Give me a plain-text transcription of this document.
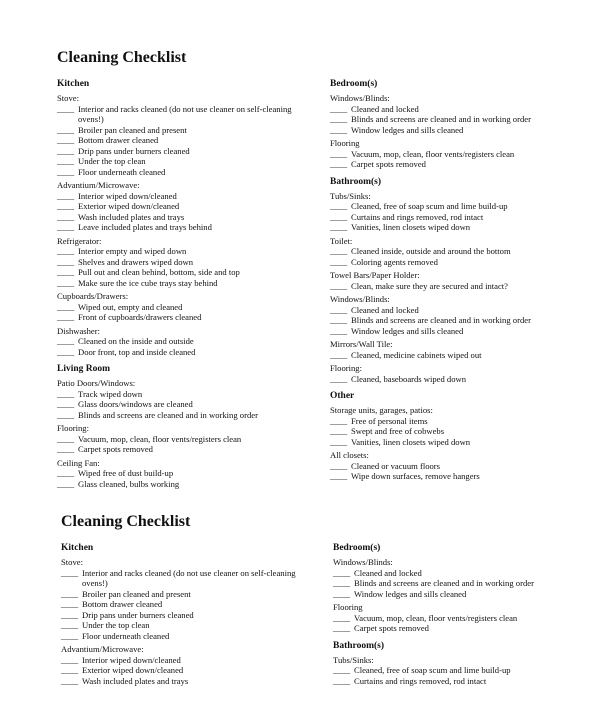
Cleaning Checklist
Kitchen
Stove:
____ Interior and racks cleaned (do not use cleaner on self-cleaning ovens!)
____ Broiler pan cleaned and present
____ Bottom drawer cleaned
____ Drip pans under burners cleaned
____ Under the top clean
____ Floor underneath cleaned
Advantium/Microwave:
____ Interior wiped down/cleaned
____ Exterior wiped down/cleaned
____ Wash included plates and trays
____ Leave included plates and trays behind
Refrigerator:
____ Interior empty and wiped down
____ Shelves and drawers wiped down
____ Pull out and clean behind, bottom, side and top
____ Make sure the ice cube trays stay behind
Cupboards/Drawers:
____ Wiped out, empty and cleaned
____ Front of cupboards/drawers cleaned
Dishwasher:
____ Cleaned on the inside and outside
____ Door front, top and inside cleaned
Living Room
Patio Doors/Windows:
____ Track wiped down
____ Glass doors/windows are cleaned
____ Blinds and screens are cleaned and in working order
Flooring:
____ Vacuum, mop, clean, floor vents/registers clean
____ Carpet spots removed
Ceiling Fan:
____ Wiped free of dust build-up
____ Glass cleaned, bulbs working
Bedroom(s)
Windows/Blinds:
____ Cleaned and locked
____ Blinds and screens are cleaned and in working order
____ Window ledges and sills cleaned
Flooring
____ Vacuum, mop, clean, floor vents/registers clean
____ Carpet spots removed
Bathroom(s)
Tubs/Sinks:
____ Cleaned, free of soap scum and lime build-up
____ Curtains and rings removed, rod intact
____ Vanities, linen closets wiped down
Toilet:
____ Cleaned inside, outside and around the bottom
____ Coloring agents removed
Towel Bars/Paper Holder:
____ Clean, make sure they are secured and intact?
Windows/Blinds:
____ Cleaned and locked
____ Blinds and screens are cleaned and in working order
____ Window ledges and sills cleaned
Mirrors/Wall Tile:
____ Cleaned, medicine cabinets wiped out
Flooring:
____ Cleaned, baseboards wiped down
Other
Storage units, garages, patios:
____ Free of personal items
____ Swept and free of cobwebs
____ Vanities, linen closets wiped down
All closets:
____ Cleaned or vacuum floors
____ Wipe down surfaces, remove hangers
Cleaning Checklist
Kitchen
Stove:
____ Interior and racks cleaned (do not use cleaner on self-cleaning ovens!)
____ Broiler pan cleaned and present
____ Bottom drawer cleaned
____ Drip pans under burners cleaned
____ Under the top clean
____ Floor underneath cleaned
Advantium/Microwave:
____ Interior wiped down/cleaned
____ Exterior wiped down/cleaned
____ Wash included plates and trays
Bedroom(s)
Windows/Blinds:
____ Cleaned and locked
____ Blinds and screens are cleaned and in working order
____ Window ledges and sills cleaned
Flooring
____ Vacuum, mop, clean, floor vents/registers clean
____ Carpet spots removed
Bathroom(s)
Tubs/Sinks:
____ Cleaned, free of soap scum and lime build-up
____ Curtains and rings removed, rod intact
